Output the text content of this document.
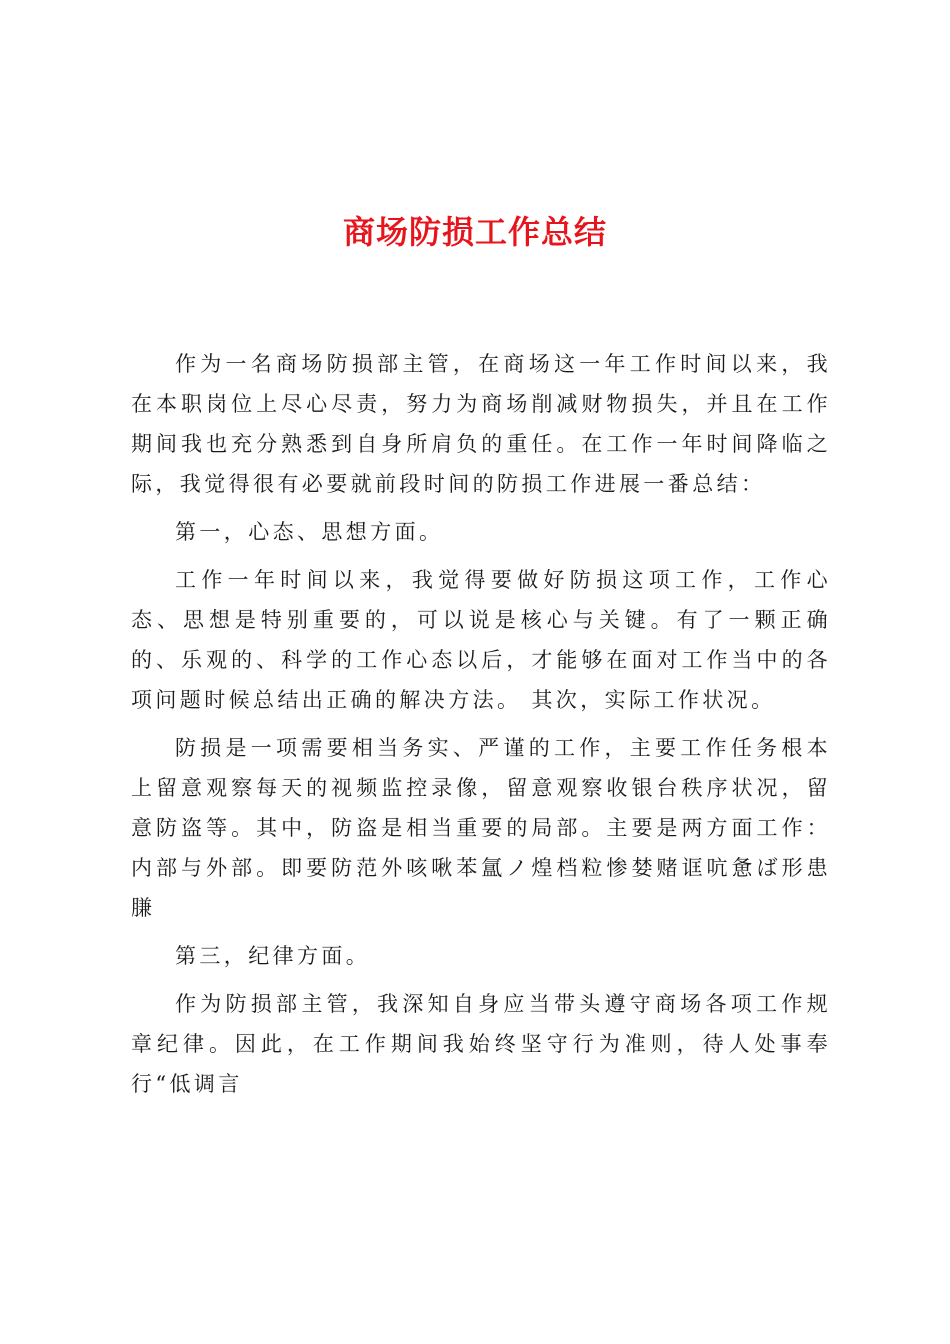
商场防损工作总结

作为一名商场防损部主管，在商场这一年工作时间以来，我在本职岗位上尽心尽责，努力为商场削减财物损失，并且在工作期间我也充分熟悉到自身所肩负的重任。在工作一年时间降临之际，我觉得很有必要就前段时间的防损工作进展一番总结：

第一，心态、思想方面。

工作一年时间以来，我觉得要做好防损这项工作，工作心态、思想是特别重要的，可以说是核心与关键。有了一颗正确的、乐观的、科学的工作心态以后，才能够在面对工作当中的各项问题时候总结出正确的解决方法。 其次，实际工作状况。

防损是一项需要相当务实、严谨的工作，主要工作任务根本上留意观察每天的视频监控录像，留意观察收银台秩序状况，留意防盗等。其中，防盗是相当重要的局部。主要是两方面工作：内部与外部。即要防范外咳啾苯氲ノ煌档粒惨婪赌诓吭惫ば形患膁

第三，纪律方面。

作为防损部主管，我深知自身应当带头遵守商场各项工作规章纪律。因此，在工作期间我始终坚守行为准则，待人处事奉行“低调言
